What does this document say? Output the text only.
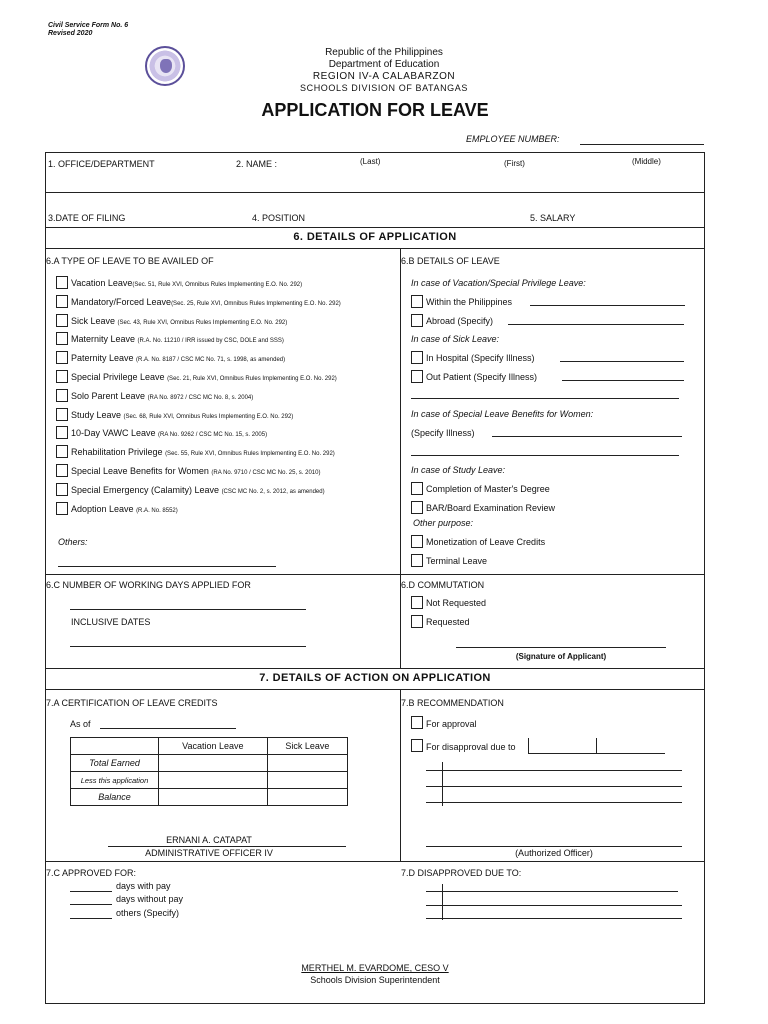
Civil Service Form No. 6
Revised 2020
Republic of the Philippines
Department of Education
REGION IV-A CALABARZON
SCHOOLS DIVISION OF BATANGAS
APPLICATION FOR LEAVE
EMPLOYEE NUMBER:
1. OFFICE/DEPARTMENT	2. NAME :	(Last)	(First)	(Middle)
3.DATE OF FILING	4. POSITION	5. SALARY
6. DETAILS OF APPLICATION
6.A TYPE OF LEAVE TO BE AVAILED OF
Vacation Leave(Sec. 51, Rule XVI, Omnibus Rules Implementing E.O. No. 292)
Mandatory/Forced Leave(Sec. 25, Rule XVI, Omnibus Rules Implementing E.O. No. 292)
Sick Leave (Sec. 43, Rule XVI, Omnibus Rules Implementing E.O. No. 292)
Maternity Leave (R.A. No. 11210 / IRR issued by CSC, DOLE and SSS)
Paternity Leave (R.A. No. 8187 / CSC MC No. 71, s. 1998, as amended)
Special Privilege Leave (Sec. 21, Rule XVI, Omnibus Rules Implementing E.O. No. 292)
Solo Parent Leave (RA No. 8972 / CSC MC No. 8, s. 2004)
Study Leave (Sec. 68, Rule XVI, Omnibus Rules Implementing E.O. No. 292)
10-Day VAWC Leave (RA No. 9262 / CSC MC No. 15, s. 2005)
Rehabilitation Privilege (Sec. 55, Rule XVI, Omnibus Rules Implementing E.O. No. 292)
Special Leave Benefits for Women (RA No. 9710 / CSC MC No. 25, s. 2010)
Special Emergency (Calamity) Leave (CSC MC No. 2, s. 2012, as amended)
Adoption Leave (R.A. No. 8552)
Others:
6.B DETAILS OF LEAVE
In case of Vacation/Special Privilege Leave:
Within the Philippines
Abroad (Specify)
In case of Sick Leave:
In Hospital (Specify Illness)
Out Patient (Specify Illness)
In case of Special Leave Benefits for Women:
(Specify Illness)
In case of Study Leave:
Completion of Master's Degree
BAR/Board Examination Review
Other purpose:
Monetization of Leave Credits
Terminal Leave
6.C NUMBER OF WORKING DAYS APPLIED FOR
INCLUSIVE DATES
6.D COMMUTATION
Not Requested
Requested
(Signature of Applicant)
7. DETAILS OF ACTION ON APPLICATION
7.A CERTIFICATION OF LEAVE CREDITS
As of
	Vacation Leave	Sick Leave
Total Earned		
Less this application		
Balance		
ERNANI A. CATAPAT
ADMINISTRATIVE OFFICER IV
7.B RECOMMENDATION
For approval
For disapproval due to
(Authorized Officer)
7.C APPROVED FOR:
days with pay
days without pay
others (Specify)
7.D DISAPPROVED DUE TO:
MERTHEL M. EVARDOME, CESO V
Schools Division Superintendent
